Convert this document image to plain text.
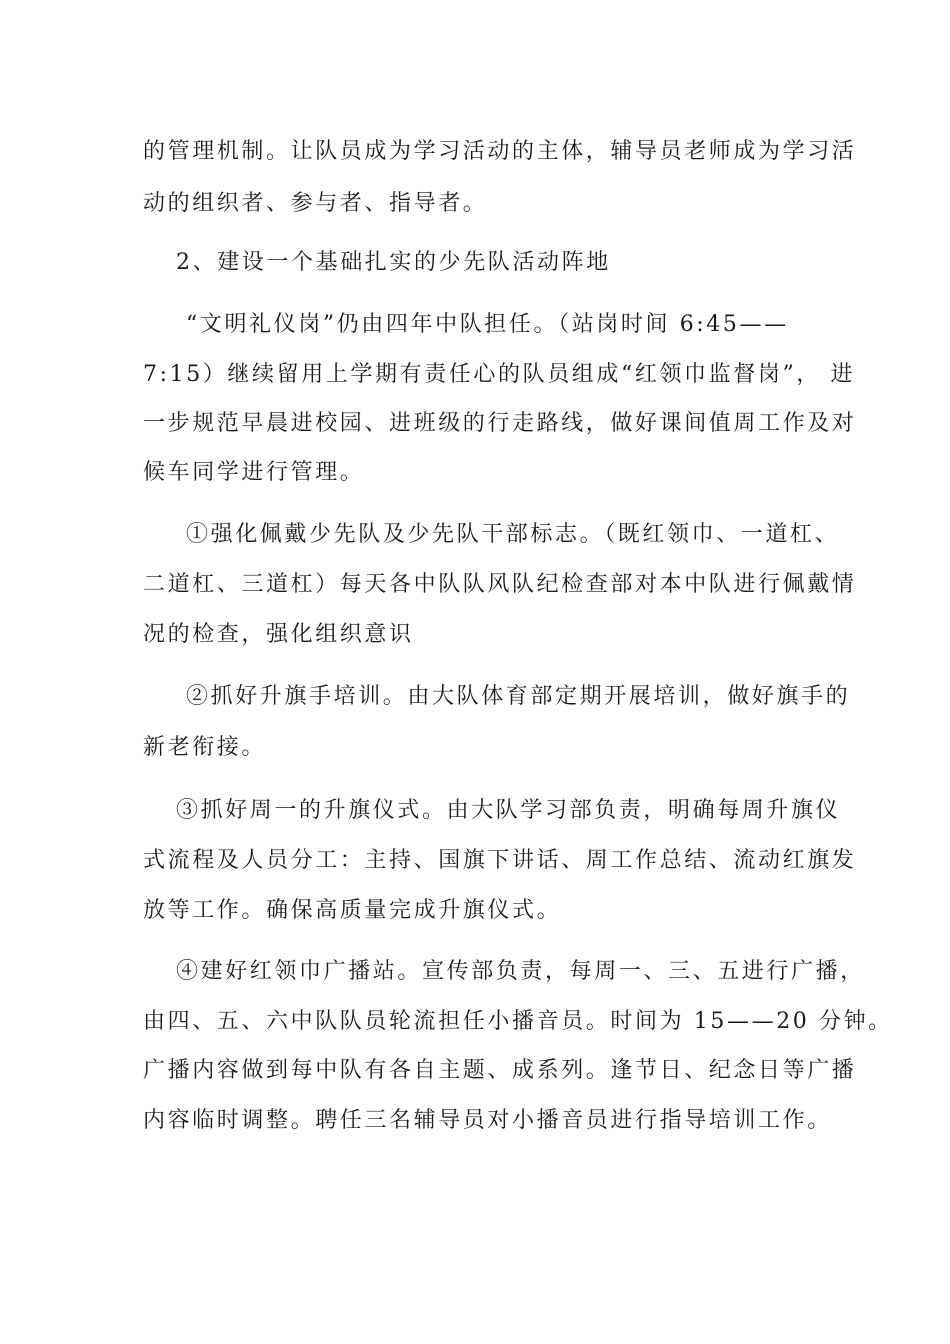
的管理机制。让队员成为学习活动的主体，辅导员老师成为学习活
动的组织者、参与者、指导者。
2、建设一个基础扎实的少先队活动阵地
“文明礼仪岗”仍由四年中队担任。（站岗时间 6:45——
7:15）继续留用上学期有责任心的队员组成“红领巾监督岗”， 进
一步规范早晨进校园、进班级的行走路线，做好课间值周工作及对
候车同学进行管理。
①强化佩戴少先队及少先队干部标志。（既红领巾、一道杠、
二道杠、三道杠）每天各中队队风队纪检查部对本中队进行佩戴情
况的检查，强化组织意识
②抓好升旗手培训。由大队体育部定期开展培训，做好旗手的
新老衔接。
③抓好周一的升旗仪式。由大队学习部负责，明确每周升旗仪
式流程及人员分工：主持、国旗下讲话、周工作总结、流动红旗发
放等工作。确保高质量完成升旗仪式。
④建好红领巾广播站。宣传部负责，每周一、三、五进行广播，
由四、五、六中队队员轮流担任小播音员。时间为 15——20 分钟。
广播内容做到每中队有各自主题、成系列。逢节日、纪念日等广播
内容临时调整。聘任三名辅导员对小播音员进行指导培训工作。
